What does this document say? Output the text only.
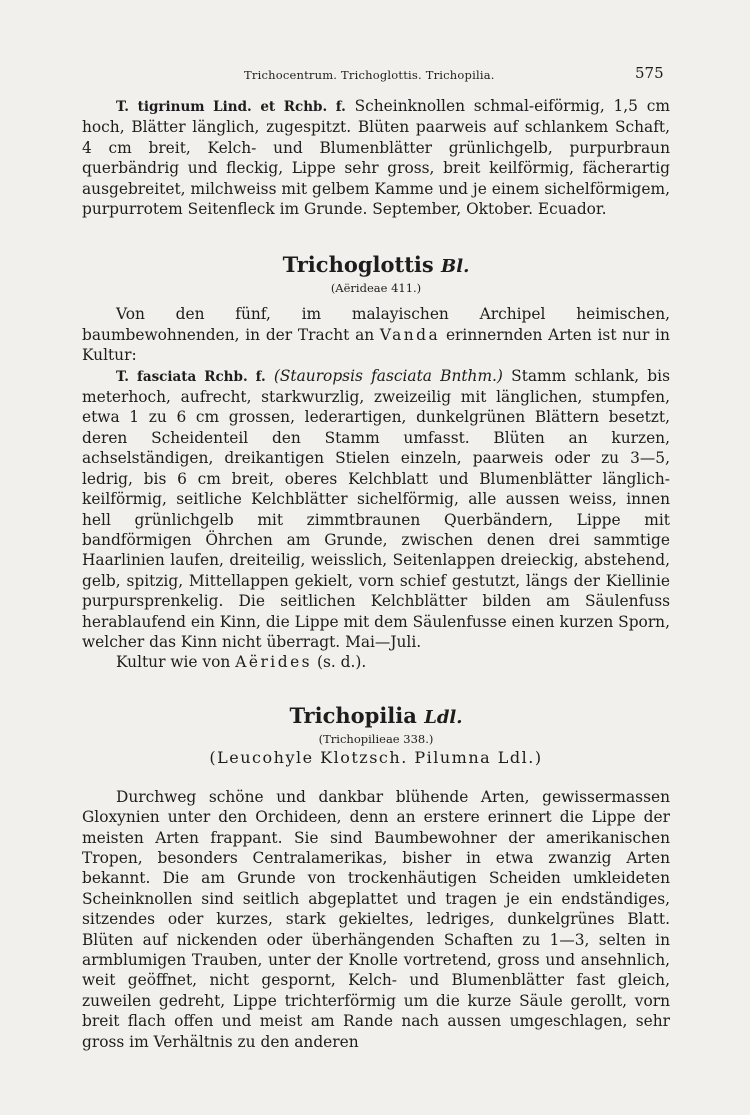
Trichocentrum. Trichoglottis. Trichopilia.	575

T. tigrinum Lind. et Rchb. f. Scheinknollen schmal-eiförmig, 1,5 cm hoch, Blätter länglich, zugespitzt. Blüten paarweis auf schlankem Schaft, 4 cm breit, Kelch- und Blumenblätter grünlichgelb, purpurbraun querbändrig und fleckig, Lippe sehr gross, breit keilförmig, fächerartig ausgebreitet, milchweiss mit gelbem Kamme und je einem sichelförmigem, purpurrotem Seitenfleck im Grunde. September, Oktober. Ecuador.

Trichoglottis Bl.
(Aërideae 411.)

Von den fünf, im malayischen Archipel heimischen, baumbewohnenden, in der Tracht an Vanda erinnernden Arten ist nur in Kultur:

T. fasciata Rchb. f. (Stauropsis fasciata Bnthm.) Stamm schlank, bis meterhoch, aufrecht, starkwurzlig, zweizeilig mit länglichen, stumpfen, etwa 1 zu 6 cm grossen, lederartigen, dunkelgrünen Blättern besetzt, deren Scheidenteil den Stamm umfasst. Blüten an kurzen, achselständigen, dreikantigen Stielen einzeln, paarweis oder zu 3—5, ledrig, bis 6 cm breit, oberes Kelchblatt und Blumenblätter länglich-keilförmig, seitliche Kelchblätter sichelförmig, alle aussen weiss, innen hell grünlichgelb mit zimmtbraunen Querbändern, Lippe mit bandförmigen Öhrchen am Grunde, zwischen denen drei sammtige Haarlinien laufen, dreiteilig, weisslich, Seitenlappen dreieckig, abstehend, gelb, spitzig, Mittellappen gekielt, vorn schief gestutzt, längs der Kiellinie purpursprenkelig. Die seitlichen Kelchblätter bilden am Säulenfuss herablaufend ein Kinn, die Lippe mit dem Säulenfusse einen kurzen Sporn, welcher das Kinn nicht überragt. Mai—Juli.

Kultur wie von Aërides (s. d.).

Trichopilia Ldl.
(Trichopilieae 338.)
(Leucohyle Klotzsch. Pilumna Ldl.)

Durchweg schöne und dankbar blühende Arten, gewissermassen Gloxynien unter den Orchideen, denn an erstere erinnert die Lippe der meisten Arten frappant. Sie sind Baumbewohner der amerikanischen Tropen, besonders Centralamerikas, bisher in etwa zwanzig Arten bekannt. Die am Grunde von trockenhäutigen Scheiden umkleideten Scheinknollen sind seitlich abgeplattet und tragen je ein endständiges, sitzendes oder kurzes, stark gekieltes, ledriges, dunkelgrünes Blatt. Blüten auf nickenden oder überhängenden Schaften zu 1—3, selten in armblumigen Trauben, unter der Knolle vortretend, gross und ansehnlich, weit geöffnet, nicht gespornt, Kelch- und Blumenblätter fast gleich, zuweilen gedreht, Lippe trichterförmig um die kurze Säule gerollt, vorn breit flach offen und meist am Rande nach aussen umgeschlagen, sehr gross im Verhältnis zu den anderen
